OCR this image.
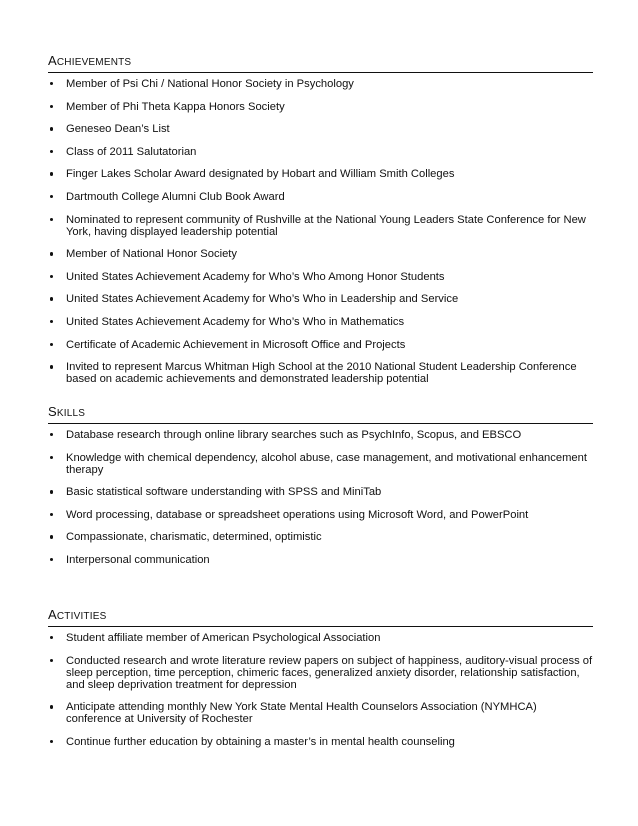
ACHIEVEMENTS
Member of Psi Chi / National Honor Society in Psychology
Member of Phi Theta Kappa Honors Society
Geneseo Dean’s List
Class of 2011 Salutatorian
Finger Lakes Scholar Award designated by Hobart and William Smith Colleges
Dartmouth College Alumni Club Book Award
Nominated to represent community of Rushville at the National Young Leaders State Conference for New York, having displayed leadership potential
Member of National Honor Society
United States Achievement Academy for Who’s Who Among Honor Students
United States Achievement Academy for Who’s Who in Leadership and Service
United States Achievement Academy for Who’s Who in Mathematics
Certificate of Academic Achievement in Microsoft Office and Projects
Invited to represent Marcus Whitman High School at the 2010 National Student Leadership Conference based on academic achievements and demonstrated leadership potential
SKILLS
Database research through online library searches such as PsychInfo, Scopus, and EBSCO
Knowledge with chemical dependency, alcohol abuse, case management, and motivational enhancement therapy
Basic statistical software understanding with SPSS and MiniTab
Word processing, database or spreadsheet operations using Microsoft Word, and PowerPoint
Compassionate, charismatic, determined, optimistic
Interpersonal communication
ACTIVITIES
Student affiliate member of American Psychological Association
Conducted research and wrote literature review papers on subject of happiness, auditory-visual process of sleep perception, time perception, chimeric faces, generalized anxiety disorder, relationship satisfaction, and sleep deprivation treatment for depression
Anticipate attending monthly New York State Mental Health Counselors Association (NYMHCA) conference at University of Rochester
Continue further education by obtaining a master’s in mental health counseling
